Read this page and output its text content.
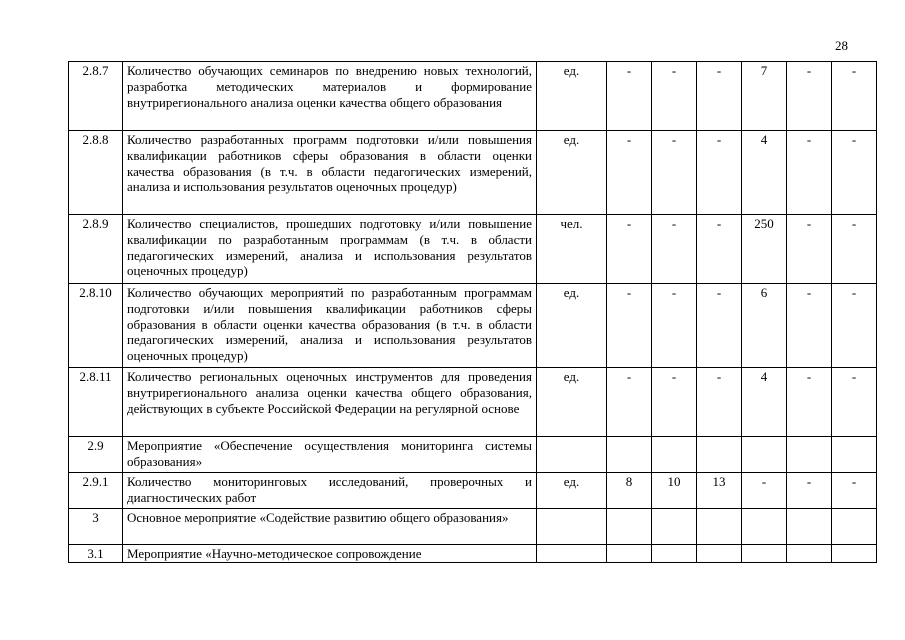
28
2.8.7	Количество обучающих семинаров по внедрению новых технологий, разработка методических материалов и формирование внутрирегионального анализа оценки качества общего образования	ед.	-	-	-	7	-	-
2.8.8	Количество разработанных программ подготовки и/или повышения квалификации работников сферы образования в области оценки качества образования (в т.ч. в области педагогических измерений, анализа и использования результатов оценочных процедур)	ед.	-	-	-	4	-	-
2.8.9	Количество специалистов, прошедших подготовку и/или повышение квалификации по разработанным программам (в т.ч. в области педагогических измерений, анализа и использования результатов оценочных процедур)	чел.	-	-	-	250	-	-
2.8.10	Количество обучающих мероприятий по разработанным программам подготовки и/или повышения квалификации работников сферы образования в области оценки качества образования (в т.ч. в области педагогических измерений, анализа и использования результатов оценочных процедур)	ед.	-	-	-	6	-	-
2.8.11	Количество региональных оценочных инструментов для проведения внутрирегионального анализа оценки качества общего образования, действующих в субъекте Российской Федерации на регулярной основе	ед.	-	-	-	4	-	-
2.9	Мероприятие «Обеспечение осуществления мониторинга системы образования»							
2.9.1	Количество мониторинговых исследований, проверочных и диагностических работ	ед.	8	10	13	-	-	-
3	Основное мероприятие «Содействие развитию общего образования»							
3.1	Мероприятие «Научно-методическое сопровождение							
